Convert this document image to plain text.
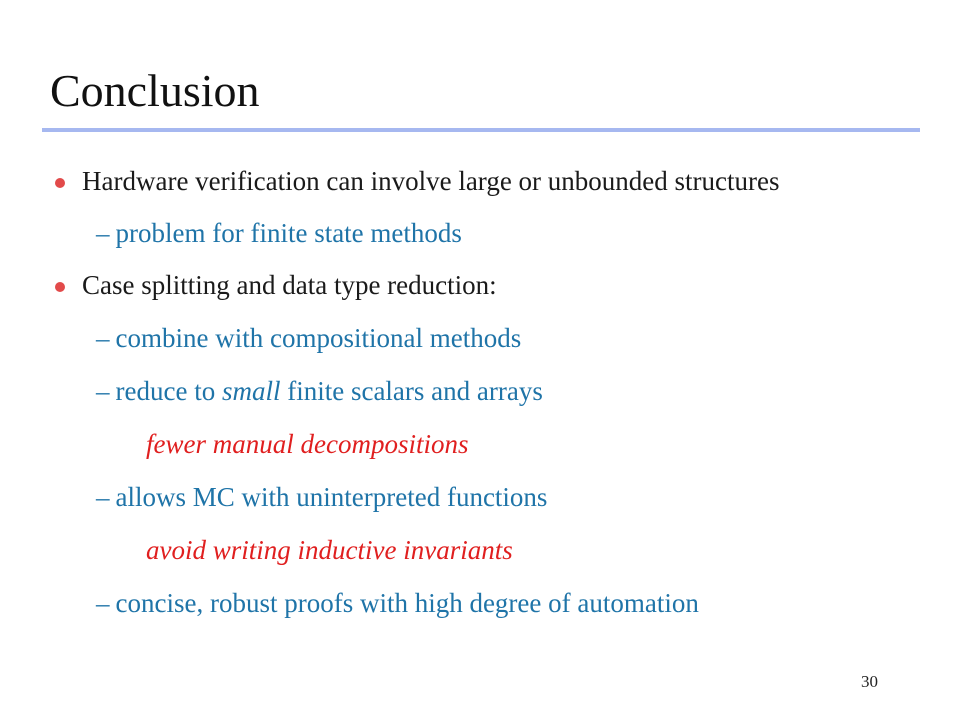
Conclusion
Hardware verification can involve large or unbounded structures
– problem for finite state methods
Case splitting and data type reduction:
– combine with compositional methods
– reduce to small finite scalars and arrays
fewer manual decompositions
– allows MC with uninterpreted functions
avoid writing inductive invariants
– concise, robust proofs with high degree of automation
30
